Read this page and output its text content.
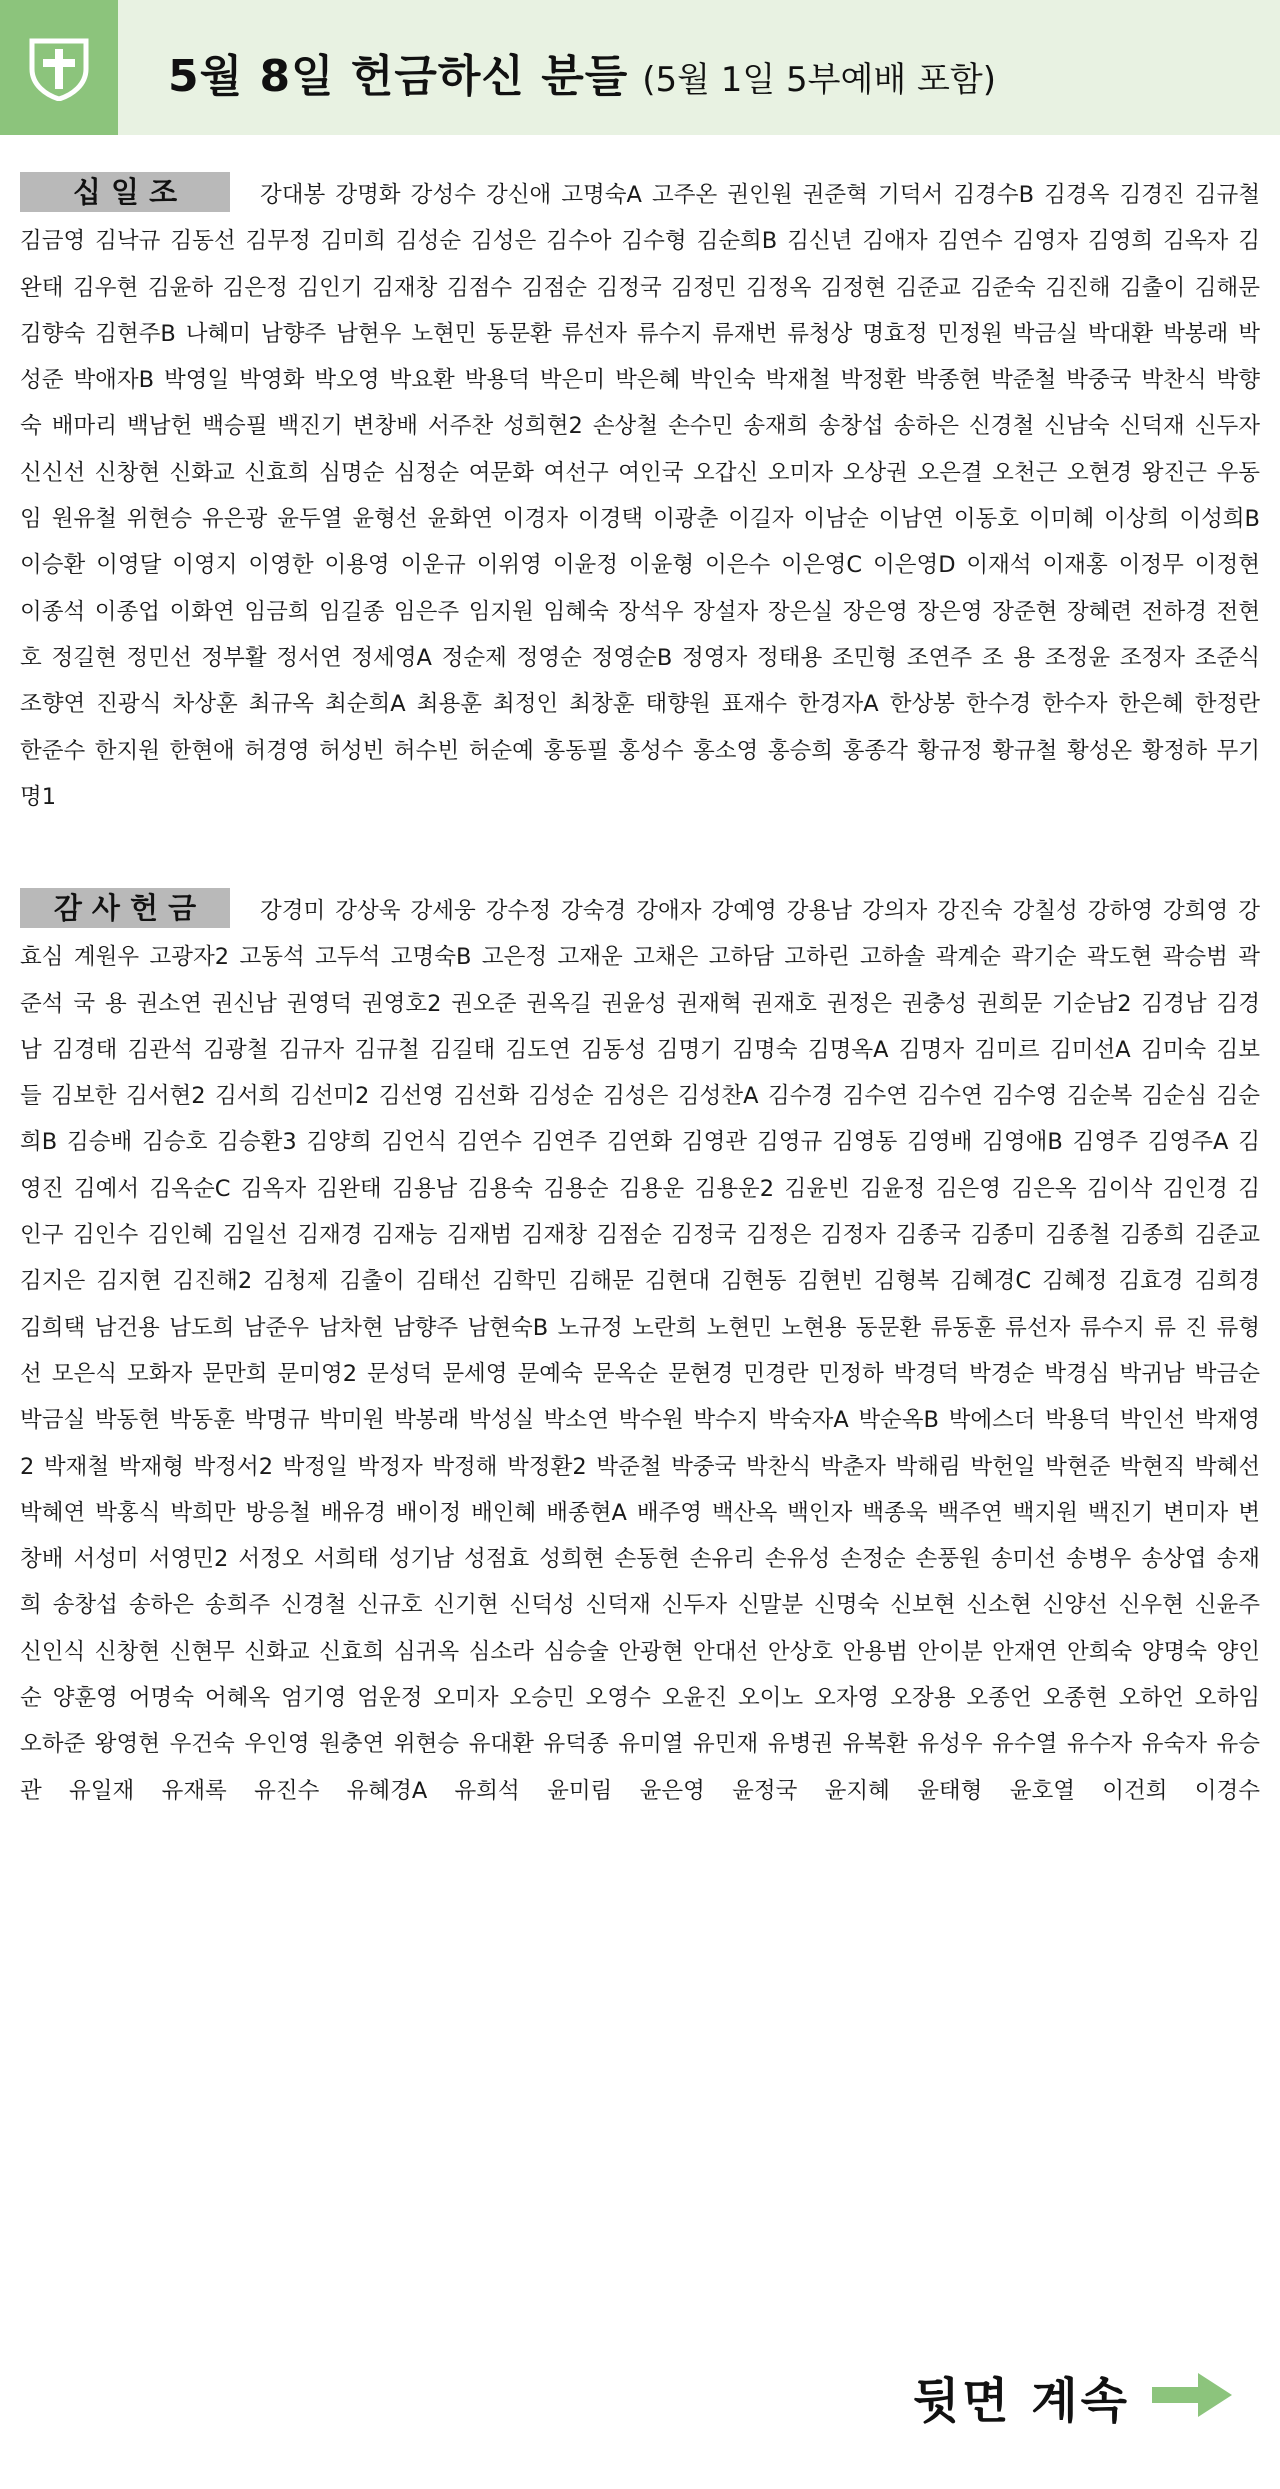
5월 8일 헌금하신 분들 (5월 1일 5부예배 포함)
십 일 조	강대봉 강명화 강성수 강신애 고명숙A 고주온 권인원 권준혁 기덕서 김경수B 김경옥 김경진 김규철 김금영 김낙규 김동선 김무정 김미희 김성순 김성은 김수아 김수형 김순희B 김신년 김애자 김연수 김영자 김영희 김옥자 김완태 김우현 김윤하 김은정 김인기 김재창 김점수 김점순 김정국 김정민 김정옥 김정현 김준교 김준숙 김진해 김출이 김해문 김향숙 김현주B 나혜미 남향주 남현우 노현민 동문환 류선자 류수지 류재번 류청상 명효정 민정원 박금실 박대환 박봉래 박성준 박애자B 박영일 박영화 박오영 박요환 박용덕 박은미 박은혜 박인숙 박재철 박정환 박종현 박준철 박중국 박찬식 박향숙 배마리 백남헌 백승필 백진기 변창배 서주찬 성희현2 손상철 손수민 송재희 송창섭 송하은 신경철 신남숙 신덕재 신두자 신신선 신창현 신화교 신효희 심명순 심정순 여문화 여선구 여인국 오갑신 오미자 오상권 오은결 오천근 오현경 왕진근 우동임 원유철 위현승 유은광 윤두열 윤형선 윤화연 이경자 이경택 이광춘 이길자 이남순 이남연 이동호 이미혜 이상희 이성희B 이승환 이영달 이영지 이영한 이용영 이운규 이위영 이윤정 이윤형 이은수 이은영C 이은영D 이재석 이재홍 이정무 이정현 이종석 이종업 이화연 임금희 임길종 임은주 임지원 임혜숙 장석우 장설자 장은실 장은영 장은영 장준현 장혜련 전하경 전현호 정길현 정민선 정부활 정서연 정세영A 정순제 정영순 정영순B 정영자 정태용 조민형 조연주 조 용 조정윤 조정자 조준식 조향연 진광식 차상훈 최규옥 최순희A 최용훈 최정인 최창훈 태향원 표재수 한경자A 한상봉 한수경 한수자 한은혜 한정란 한준수 한지원 한현애 허경영 허성빈 허수빈 허순예 홍동필 홍성수 홍소영 홍승희 홍종각 황규정 황규철 황성온 황정하 무기명1

감 사 헌 금	강경미 강상욱 강세웅 강수정 강숙경 강애자 강예영 강용남 강의자 강진숙 강칠성 강하영 강희영 강효심 계원우 고광자2 고동석 고두석 고명숙B 고은정 고재운 고채은 고하담 고하린 고하솔 곽계순 곽기순 곽도현 곽승범 곽준석 국 용 권소연 권신남 권영덕 권영호2 권오준 권옥길 권윤성 권재혁 권재호 권정은 권충성 권희문 기순남2 김경남 김경남 김경태 김관석 김광철 김규자 김규철 김길태 김도연 김동성 김명기 김명숙 김명옥A 김명자 김미르 김미선A 김미숙 김보들 김보한 김서현2 김서희 김선미2 김선영 김선화 김성순 김성은 김성찬A 김수경 김수연 김수연 김수영 김순복 김순심 김순희B 김승배 김승호 김승환3 김양희 김언식 김연수 김연주 김연화 김영관 김영규 김영동 김영배 김영애B 김영주 김영주A 김영진 김예서 김옥순C 김옥자 김완태 김용남 김용숙 김용순 김용운 김용운2 김윤빈 김윤정 김은영 김은옥 김이삭 김인경 김인구 김인수 김인혜 김일선 김재경 김재능 김재범 김재창 김점순 김정국 김정은 김정자 김종국 김종미 김종철 김종희 김준교 김지은 김지현 김진해2 김청제 김출이 김태선 김학민 김해문 김현대 김현동 김현빈 김형복 김혜경C 김혜정 김효경 김희경 김희택 남건용 남도희 남준우 남차현 남향주 남현숙B 노규정 노란희 노현민 노현용 동문환 류동훈 류선자 류수지 류 진 류형선 모은식 모화자 문만희 문미영2 문성덕 문세영 문예숙 문옥순 문현경 민경란 민정하 박경덕 박경순 박경심 박귀남 박금순 박금실 박동현 박동훈 박명규 박미원 박봉래 박성실 박소연 박수원 박수지 박숙자A 박순옥B 박에스더 박용덕 박인선 박재영2 박재철 박재형 박정서2 박정일 박정자 박정해 박정환2 박준철 박중국 박찬식 박춘자 박해림 박헌일 박현준 박현직 박혜선 박혜연 박홍식 박희만 방응철 배유경 배이정 배인혜 배종현A 배주영 백산옥 백인자 백종욱 백주연 백지원 백진기 변미자 변창배 서성미 서영민2 서정오 서희태 성기남 성점효 성희현 손동현 손유리 손유성 손정순 손풍원 송미선 송병우 송상엽 송재희 송창섭 송하은 송희주 신경철 신규호 신기현 신덕성 신덕재 신두자 신말분 신명숙 신보현 신소현 신양선 신우현 신윤주 신인식 신창현 신현무 신화교 신효희 심귀옥 심소라 심승술 안광현 안대선 안상호 안용범 안이분 안재연 안희숙 양명숙 양인순 양훈영 어명숙 어혜옥 엄기영 엄운정 오미자 오승민 오영수 오윤진 오이노 오자영 오장용 오종언 오종현 오하언 오하임 오하준 왕영현 우건숙 우인영 원충연 위현승 유대환 유덕종 유미열 유민재 유병권 유복환 유성우 유수열 유수자 유숙자 유승관 유일재 유재록 유진수 유혜경A 유희석 윤미림 윤은영 윤정국 윤지혜 윤태형 윤호열 이건희 이경수

뒷면 계속
